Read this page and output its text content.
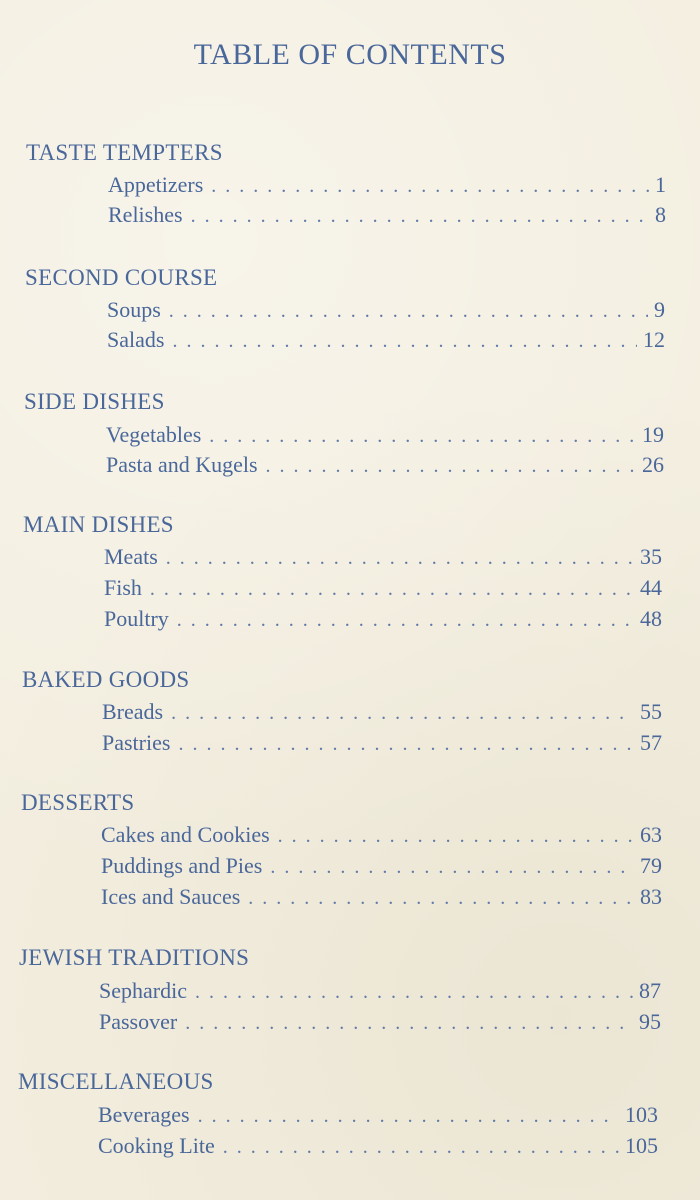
TABLE OF CONTENTS
TASTE TEMPTERS
Appetizers . . .	1
Relishes . . .	8
SECOND COURSE
Soups . . .	9
Salads . . .	12
SIDE DISHES
Vegetables . . .	19
Pasta and Kugels . . .	26
MAIN DISHES
Meats . . .	35
Fish . . .	44
Poultry . . .	48
BAKED GOODS
Breads . . .	55
Pastries . . .	57
DESSERTS
Cakes and Cookies . . .	63
Puddings and Pies . . .	79
Ices and Sauces . . .	83
JEWISH TRADITIONS
Sephardic . . .	87
Passover . . .	95
MISCELLANEOUS
Beverages . . .	103
Cooking Lite . . .	105
